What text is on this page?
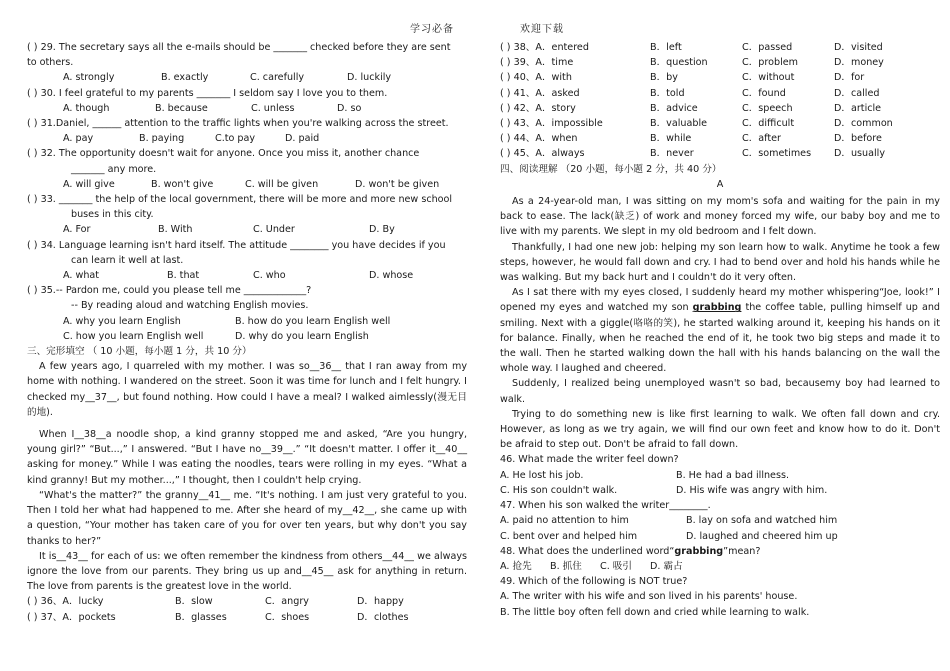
学习必备	欢迎下载
( ) 29. The secretary says all the e-mails should be _______ checked before they are sent
to others.
A. strongly	B. exactly	C. carefully	D. luckily
( ) 30. I feel grateful to my parents _______ I seldom say I love you to them.
A. though	B. because	C. unless	D. so
( ) 31.Daniel, ______ attention to the traffic lights when you're walking across the street.
A. pay	B. paying	C.to pay	D. paid
( ) 32. The opportunity doesn't wait for anyone. Once you miss it, another chance
_______ any more.
A. will give	B. won't give	C. will be given	D. won't be given
( ) 33. _______ the help of the local government, there will be more and more new school
buses in this city.
A. For	B. With	C. Under	D. By
( ) 34. Language learning isn't hard itself. The attitude ________ you have decides if you
can learn it well at last.
A. what	B. that	C. who	D. whose
( ) 35.-- Pardon me, could you please tell me _____________?
-- By reading aloud and watching English movies.
A. why you learn English	B. how do you learn English well
C. how you learn English well	D. why do you learn English
三、完形填空 （ 10 小题，每小题 1 分，共 10 分）
A few years ago, I quarreled with my mother. I was so__36__ that I ran away from my home with nothing. I wandered on the street. Soon it was time for lunch and I felt hungry. I checked my__37__, but found nothing. How could I have a meal? I walked aimlessly(漫无目的地).
When I__38__a noodle shop, a kind granny stopped me and asked, “Are you hungry, young girl?” “But...,” I answered. “But I have no__39__.” “It doesn't matter. I offer it__40__ asking for money.” While I was eating the noodles, tears were rolling in my eyes. “What a kind granny! But my mother...,” I thought, then I couldn't help crying.
“What's the matter?” the granny__41__ me. “It's nothing. I am just very grateful to you. Then I told her what had happened to me. After she heard of my__42__, she came up with a question, “Your mother has taken care of you for over ten years, but why don't you say thanks to her?”
It is__43__ for each of us: we often remember the kindness from others__44__ we always ignore the love from our parents. They bring us up and__45__ ask for anything in return. The love from parents is the greatest love in the world.
( ) 36、A．lucky	B．slow	C．angry	D．happy
( ) 37、A．pockets	B．glasses	C．shoes	D．clothes
( ) 38、A．entered	B．left	C．passed	D．visited
( ) 39、A．time	B．question	C．problem	D．money
( ) 40、A．with	B．by	C．without	D．for
( ) 41、A．asked	B．told	C．found	D．called
( ) 42、A．story	B．advice	C．speech	D．article
( ) 43、A．impossible	B．valuable	C．difficult	D．common
( ) 44、A．when	B．while	C．after	D．before
( ) 45、A．always	B．never	C．sometimes	D．usually
四、阅读理解 （20 小题，每小题 2 分，共 40 分）
A
As a 24-year-old man, I was sitting on my mom's sofa and waiting for the pain in my back to ease. The lack(缺乏) of work and money forced my wife, our baby boy and me to live with my parents. We slept in my old bedroom and I felt down.
Thankfully, I had one new job: helping my son learn how to walk. Anytime he took a few steps, however, he would fall down and cry. I had to bend over and hold his hands while he was walking. But my back hurt and I couldn't do it very often.
As I sat there with my eyes closed, I suddenly heard my mother whispering“Joe, look!” I opened my eyes and watched my son grabbing the coffee table, pulling himself up and smiling. Next with a giggle(咯咯的笑), he started walking around it, keeping his hands on it for balance. Finally, when he reached the end of it, he took two big steps and made it to the wall. Then he started walking down the hall with his hands balancing on the wall the whole way. I laughed and cheered.
Suddenly, I realized being unemployed wasn't so bad, becausemy boy had learned to walk.
Trying to do something new is like first learning to walk. We often fall down and cry. However, as long as we try again, we will find our own feet and know how to do it. Don't be afraid to step out. Don't be afraid to fall down.
46. What made the writer feel down?
A. He lost his job.	B. He had a bad illness.
C. His son couldn't walk.	D. His wife was angry with him.
47. When his son walked the writer________.
A. paid no attention to him	B. lay on sofa and watched him
C. bent over and helped him	D. laughed and cheered him up
48. What does the underlined word“grabbing”mean?
A. 抢先	B. 抓住	C. 吸引	D. 霸占
49. Which of the following is NOT true?
A. The writer with his wife and son lived in his parents' house.
B. The little boy often fell down and cried while learning to walk.
